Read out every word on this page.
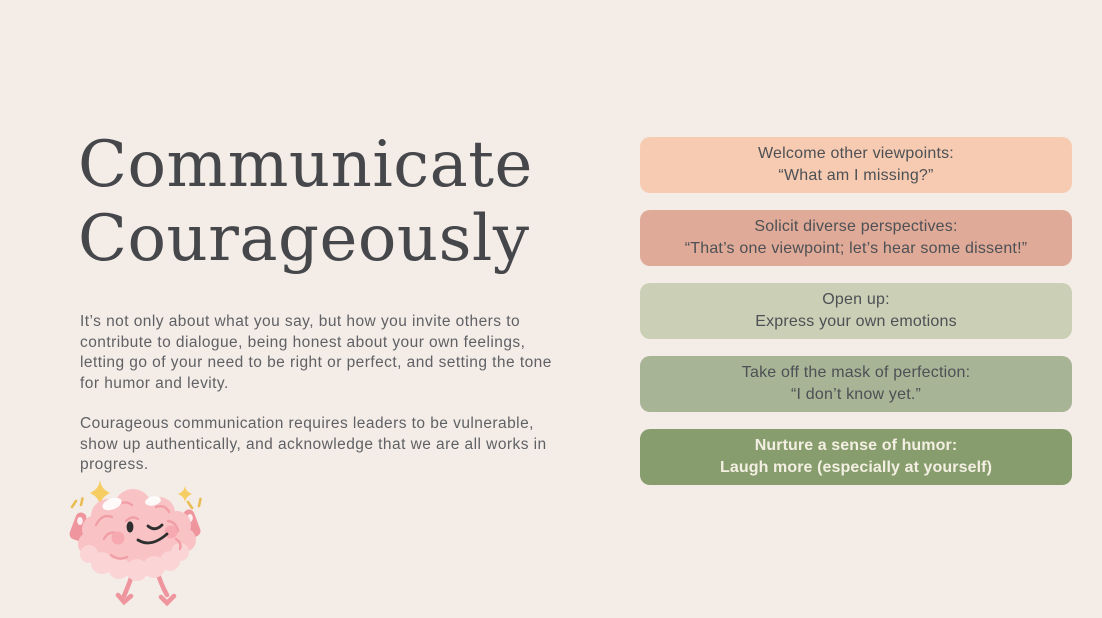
Communicate
Courageously

It’s not only about what you say, but how you invite others to contribute to dialogue, being honest about your own feelings, letting go of your need to be right or perfect, and setting the tone for humor and levity.

Courageous communication requires leaders to be vulnerable, show up authentically, and acknowledge that we are all works in progress.

Welcome other viewpoints:
“What am I missing?”
Solicit diverse perspectives:
“That’s one viewpoint; let’s hear some dissent!”
Open up:
Express your own emotions
Take off the mask of perfection:
“I don’t know yet.”
Nurture a sense of humor:
Laugh more (especially at yourself)
